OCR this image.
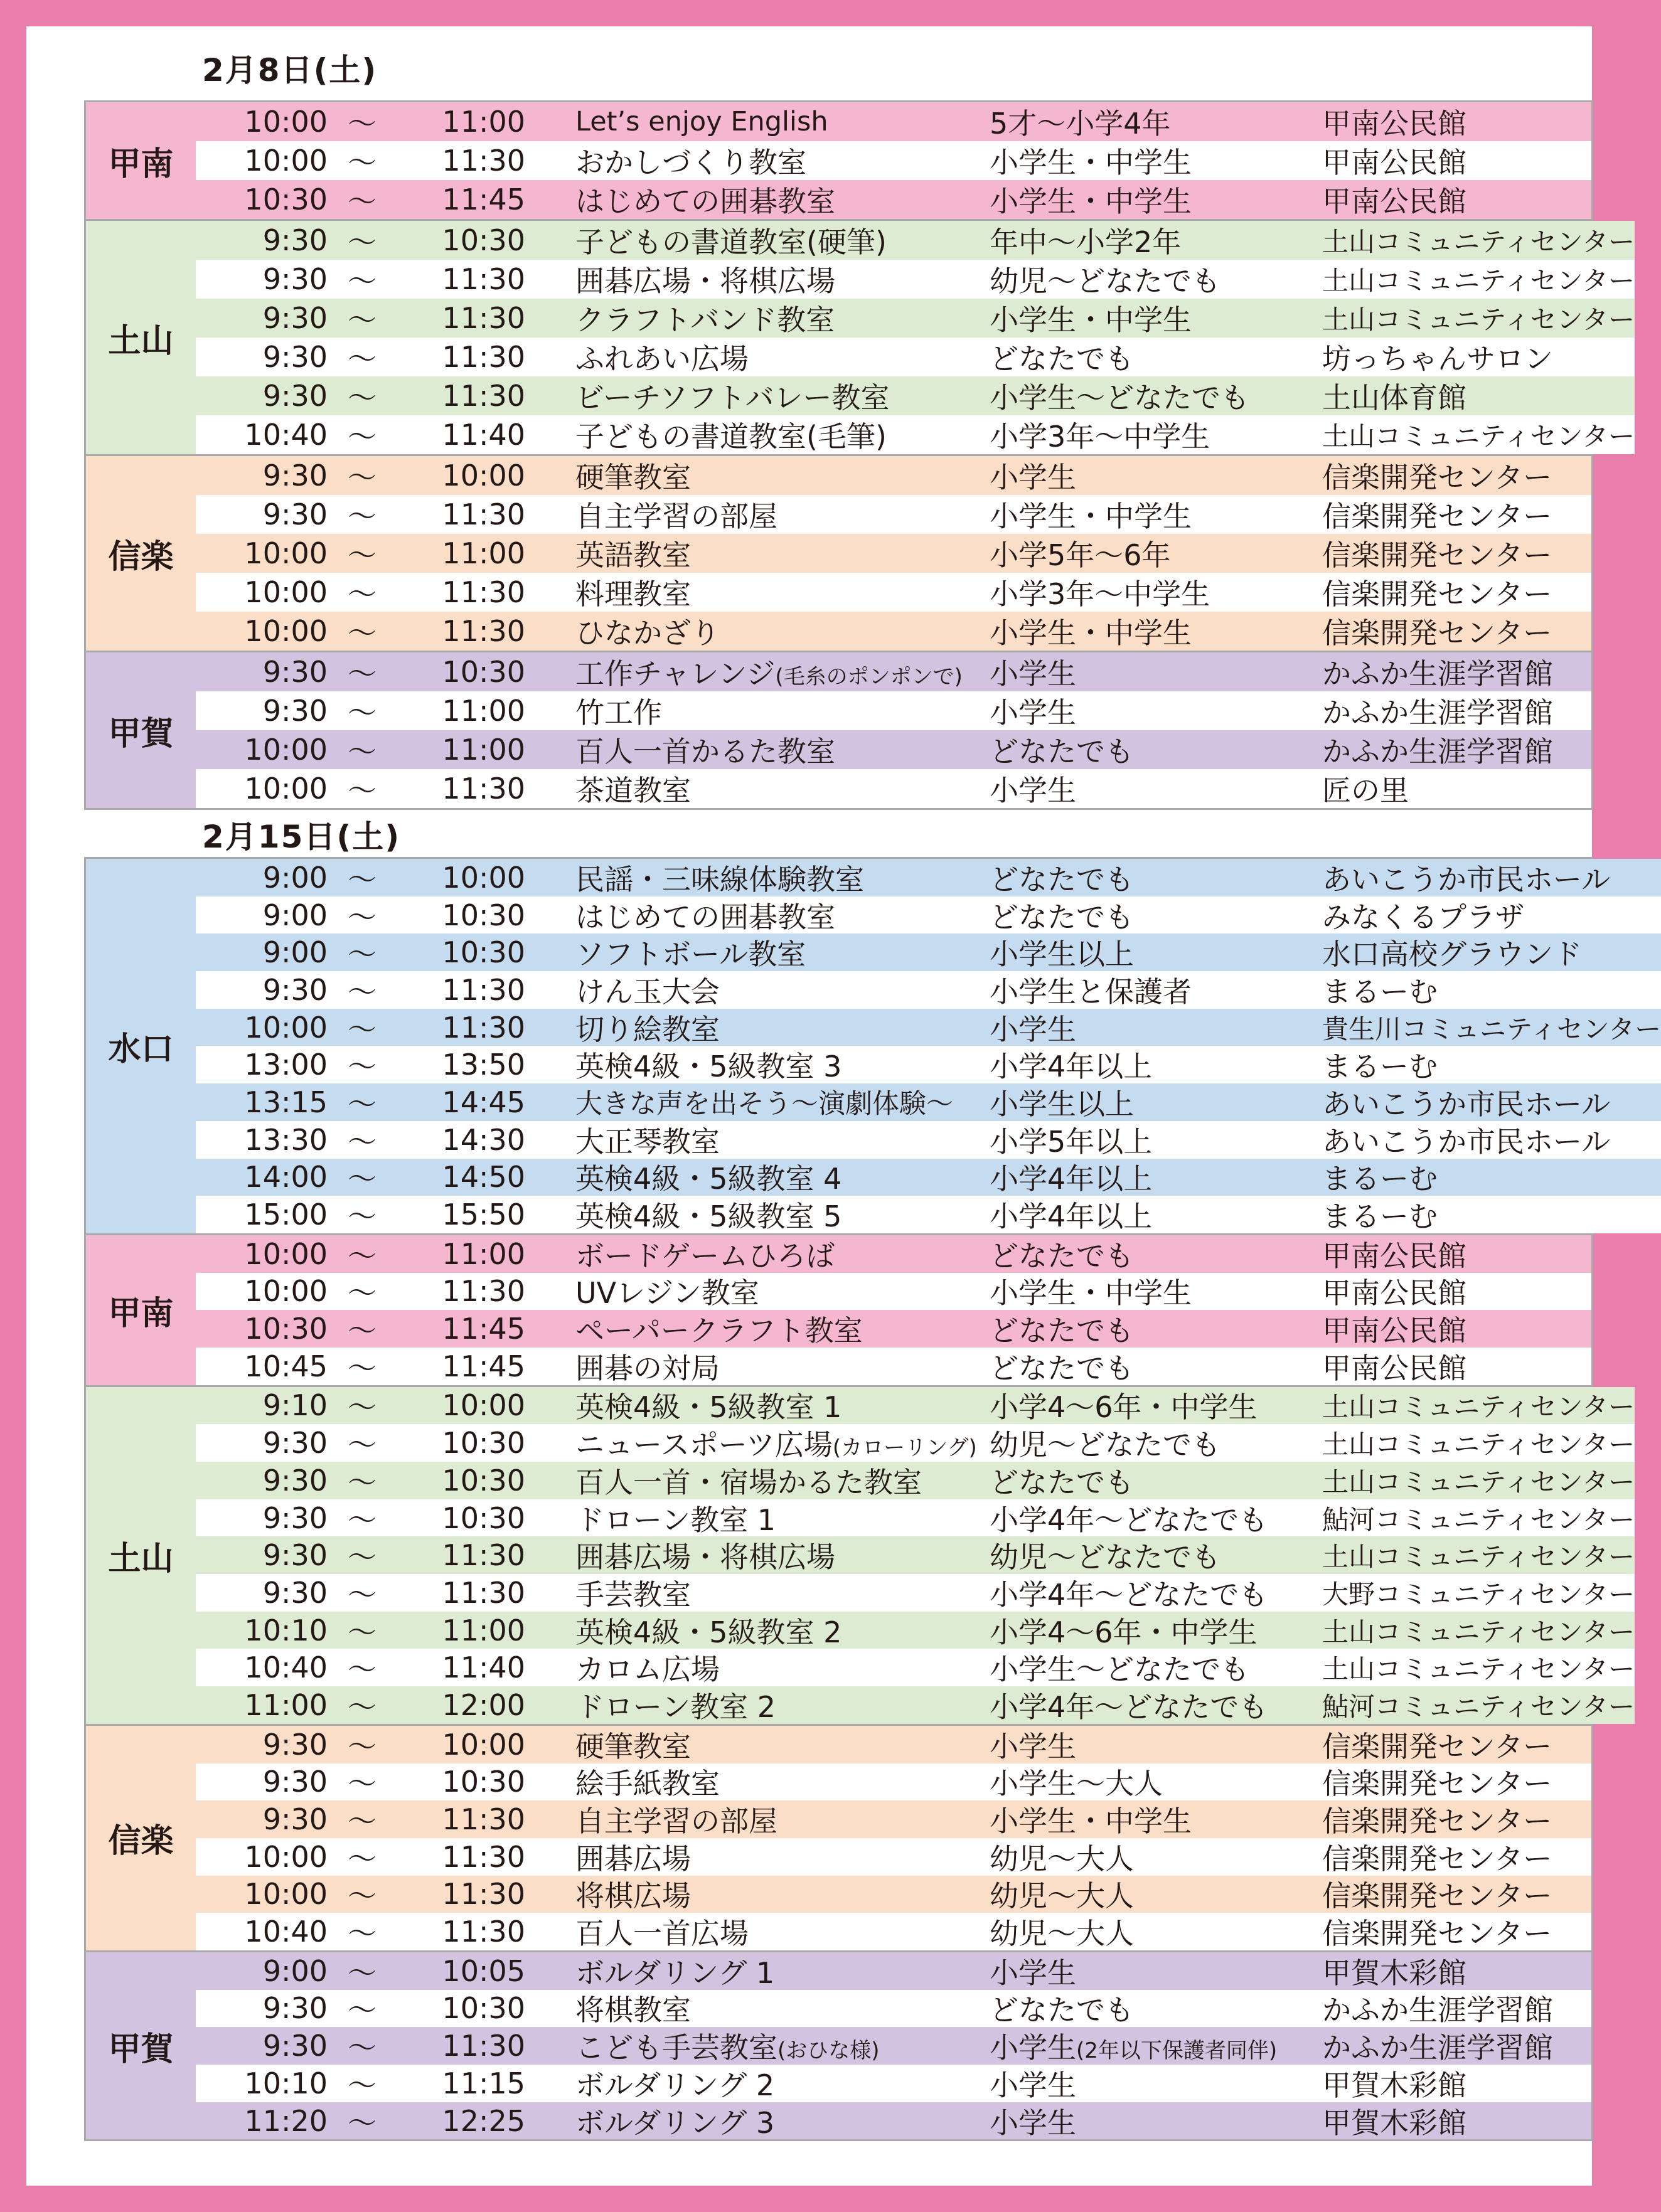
2月8日(土)
甲南
10:00 ～	11:00 Let’s enjoy English	5才～小学4年	甲南公民館
10:00 ～	11:30 おかしづくり教室	小学生・中学生	甲南公民館
10:30 ～	11:45 はじめての囲碁教室	小学生・中学生	甲南公民館
土山
9:30 ～	10:30 子どもの書道教室(硬筆)	年中～小学2年	土山コミュニティセンター
9:30 ～	11:30 囲碁広場・将棋広場	幼児～どなたでも	土山コミュニティセンター
9:30 ～	11:30 クラフトバンド教室	小学生・中学生	土山コミュニティセンター
9:30 ～	11:30 ふれあい広場	どなたでも	坊っちゃんサロン
9:30 ～	11:30 ビーチソフトバレー教室	小学生～どなたでも	土山体育館
10:40 ～	11:40 子どもの書道教室(毛筆)	小学3年～中学生	土山コミュニティセンター
信楽
9:30 ～	10:00 硬筆教室	小学生	信楽開発センター
9:30 ～	11:30 自主学習の部屋	小学生・中学生	信楽開発センター
10:00 ～	11:00 英語教室	小学5年～6年	信楽開発センター
10:00 ～	11:30 料理教室	小学3年～中学生	信楽開発センター
10:00 ～	11:30 ひなかざり	小学生・中学生	信楽開発センター
甲賀
9:30 ～	10:30 工作チャレンジ(毛糸のポンポンで) 小学生	かふか生涯学習館
9:30 ～	11:00 竹工作	小学生	かふか生涯学習館
10:00 ～	11:00 百人一首かるた教室	どなたでも	かふか生涯学習館
10:00 ～	11:30 茶道教室	小学生	匠の里
2月15日(土)
水口
9:00 ～	10:00 民謡・三味線体験教室	どなたでも	あいこうか市民ホール
9:00 ～	10:30 はじめての囲碁教室	どなたでも	みなくるプラザ
9:00 ～	10:30 ソフトボール教室	小学生以上	水口高校グラウンド
9:30 ～	11:30 けん玉大会	小学生と保護者	まるーむ
10:00 ～	11:30 切り絵教室	小学生	貴生川コミュニティセンター
13:00 ～	13:50 英検4級・5級教室 3	小学4年以上	まるーむ
13:15 ～	14:45 大きな声を出そう～演劇体験～	小学生以上	あいこうか市民ホール
13:30 ～	14:30 大正琴教室	小学5年以上	あいこうか市民ホール
14:00 ～	14:50 英検4級・5級教室 4	小学4年以上	まるーむ
15:00 ～	15:50 英検4級・5級教室 5	小学4年以上	まるーむ
甲南
10:00 ～	11:00 ボードゲームひろば	どなたでも	甲南公民館
10:00 ～	11:30 UVレジン教室	小学生・中学生	甲南公民館
10:30 ～	11:45 ペーパークラフト教室	どなたでも	甲南公民館
10:45 ～	11:45 囲碁の対局	どなたでも	甲南公民館
土山
9:10 ～	10:00 英検4級・5級教室 1	小学4～6年・中学生	土山コミュニティセンター
9:30 ～	10:30 ニュースポーツ広場(カローリング) 幼児～どなたでも	土山コミュニティセンター
9:30 ～	10:30 百人一首・宿場かるた教室	どなたでも	土山コミュニティセンター
9:30 ～	10:30 ドローン教室 1	小学4年～どなたでも	鮎河コミュニティセンター
9:30 ～	11:30 囲碁広場・将棋広場	幼児～どなたでも	土山コミュニティセンター
9:30 ～	11:30 手芸教室	小学4年～どなたでも	大野コミュニティセンター
10:10 ～	11:00 英検4級・5級教室 2	小学4～6年・中学生	土山コミュニティセンター
10:40 ～	11:40 カロム広場	小学生～どなたでも	土山コミュニティセンター
11:00 ～	12:00 ドローン教室 2	小学4年～どなたでも	鮎河コミュニティセンター
信楽
9:30 ～	10:00 硬筆教室	小学生	信楽開発センター
9:30 ～	10:30 絵手紙教室	小学生～大人	信楽開発センター
9:30 ～	11:30 自主学習の部屋	小学生・中学生	信楽開発センター
10:00 ～	11:30 囲碁広場	幼児～大人	信楽開発センター
10:00 ～	11:30 将棋広場	幼児～大人	信楽開発センター
10:40 ～	11:30 百人一首広場	幼児～大人	信楽開発センター
甲賀
9:00 ～	10:05 ボルダリング 1	小学生	甲賀木彩館
9:30 ～	10:30 将棋教室	どなたでも	かふか生涯学習館
9:30 ～	11:30 こども手芸教室(おひな様)	小学生(2年以下保護者同伴)	かふか生涯学習館
10:10 ～	11:15 ボルダリング 2	小学生	甲賀木彩館
11:20 ～	12:25 ボルダリング 3	小学生	甲賀木彩館
